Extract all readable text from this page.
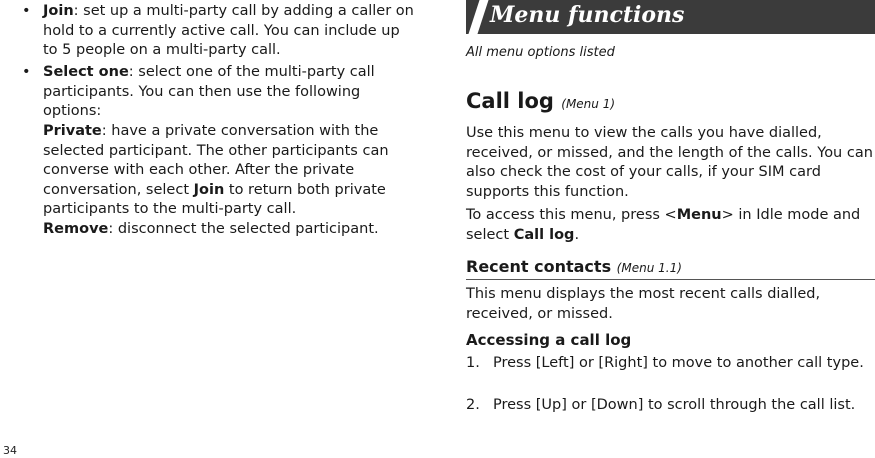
• Join: set up a multi-party call by adding a caller on hold to a currently active call. You can include up to 5 people on a multi-party call.
• Select one: select one of the multi-party call participants. You can then use the following options:
Private: have a private conversation with the selected participant. The other participants can converse with each other. After the private conversation, select Join to return both private participants to the multi-party call.
Remove: disconnect the selected participant.
34
Menu functions
All menu options listed
Call log (Menu 1)
Use this menu to view the calls you have dialled, received, or missed, and the length of the calls. You can also check the cost of your calls, if your SIM card supports this function.
To access this menu, press <Menu> in Idle mode and select Call log.
Recent contacts (Menu 1.1)
This menu displays the most recent calls dialled, received, or missed.
Accessing a call log
1. Press [Left] or [Right] to move to another call type.
2. Press [Up] or [Down] to scroll through the call list.
